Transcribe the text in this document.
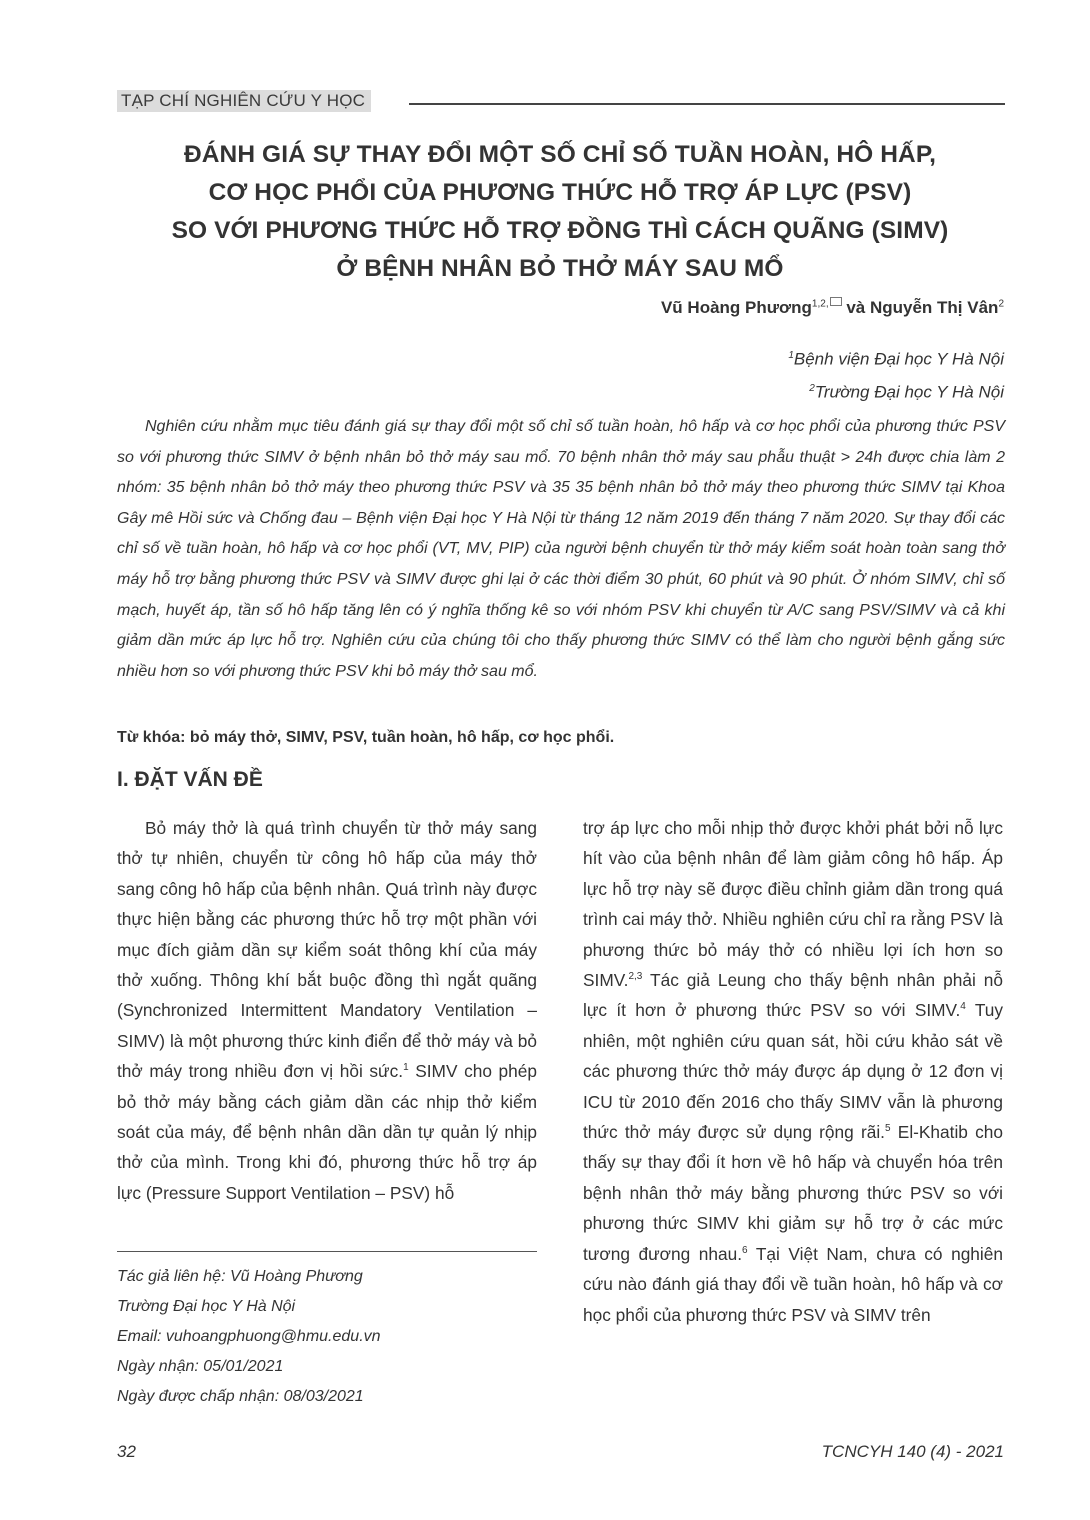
TẠP CHÍ NGHIÊN CỨU Y HỌC
ĐÁNH GIÁ SỰ THAY ĐỔI MỘT SỐ CHỈ SỐ TUẦN HOÀN, HÔ HẤP,
CƠ HỌC PHỔI CỦA PHƯƠNG THỨC HỖ TRỢ ÁP LỰC (PSV)
SO VỚI PHƯƠNG THỨC HỖ TRỢ ĐỒNG THÌ CÁCH QUÃNG (SIMV)
Ở BỆNH NHÂN BỎ THỞ MÁY SAU MỔ
Vũ Hoàng Phương$^{1,2,}$ và Nguyễn Thị Vân$^2$
$^1$Bệnh viện Đại học Y Hà Nội
$^2$Trường Đại học Y Hà Nội

Nghiên cứu nhằm mục tiêu đánh giá sự thay đổi một số chỉ số tuần hoàn, hô hấp và cơ học phổi của phương thức PSV so với phương thức SIMV ở bệnh nhân bỏ thở máy sau mổ. 70 bệnh nhân thở máy sau phẫu thuật > 24h được chia làm 2 nhóm: 35 bệnh nhân bỏ thở máy theo phương thức PSV và 35 35 bệnh nhân bỏ thở máy theo phương thức SIMV tại Khoa Gây mê Hồi sức và Chống đau – Bệnh viện Đại học Y Hà Nội từ tháng 12 năm 2019 đến tháng 7 năm 2020. Sự thay đổi các chỉ số về tuần hoàn, hô hấp và cơ học phổi (VT, MV, PIP) của người bệnh chuyển từ thở máy kiểm soát hoàn toàn sang thở máy hỗ trợ bằng phương thức PSV và SIMV được ghi lại ở các thời điểm 30 phút, 60 phút và 90 phút. Ở nhóm SIMV, chỉ số mạch, huyết áp, tần số hô hấp tăng lên có ý nghĩa thống kê so với nhóm PSV khi chuyển từ A/C sang PSV/SIMV và cả khi giảm dần mức áp lực hỗ trợ. Nghiên cứu của chúng tôi cho thấy phương thức SIMV có thể làm cho người bệnh gắng sức nhiều hơn so với phương thức PSV khi bỏ máy thở sau mổ.

Từ khóa: bỏ máy thở, SIMV, PSV, tuần hoàn, hô hấp, cơ học phổi.
I. ĐẶT VẤN ĐỀ

Bỏ máy thở là quá trình chuyển từ thở máy sang thở tự nhiên, chuyển từ công hô hấp của máy thở sang công hô hấp của bệnh nhân. Quá trình này được thực hiện bằng các phương thức hỗ trợ một phần với mục đích giảm dần sự kiểm soát thông khí của máy thở xuống. Thông khí bắt buộc đồng thì ngắt quãng (Synchronized Intermittent Mandatory Ventilation – SIMV) là một phương thức kinh điển để thở máy và bỏ thở máy trong nhiều đơn vị hồi sức.$^1$ SIMV cho phép bỏ thở máy bằng cách giảm dần các nhịp thở kiểm soát của máy, để bệnh nhân dần dần tự quản lý nhịp thở của mình. Trong khi đó, phương thức hỗ trợ áp lực (Pressure Support Ventilation – PSV) hỗ

trợ áp lực cho mỗi nhịp thở được khởi phát bởi nỗ lực hít vào của bệnh nhân để làm giảm công hô hấp. Áp lực hỗ trợ này sẽ được điều chỉnh giảm dần trong quá trình cai máy thở. Nhiều nghiên cứu chỉ ra rằng PSV là phương thức bỏ máy thở có nhiều lợi ích hơn so SIMV.$^{2,3}$ Tác giả Leung cho thấy bệnh nhân phải nỗ lực ít hơn ở phương thức PSV so với SIMV.$^4$ Tuy nhiên, một nghiên cứu quan sát, hồi cứu khảo sát về các phương thức thở máy được áp dụng ở 12 đơn vị ICU từ 2010 đến 2016 cho thấy SIMV vẫn là phương thức thở máy được sử dụng rộng rãi.$^5$ El-Khatib cho thấy sự thay đổi ít hơn về hô hấp và chuyển hóa trên bệnh nhân thở máy bằng phương thức PSV so với phương thức SIMV khi giảm sự hỗ trợ ở các mức tương đương nhau.$^6$ Tại Việt Nam, chưa có nghiên cứu nào đánh giá thay đổi về tuần hoàn, hô hấp và cơ học phổi của phương thức PSV và SIMV trên

Tác giả liên hệ: Vũ Hoàng Phương
Trường Đại học Y Hà Nội
Email: vuhoangphuong@hmu.edu.vn
Ngày nhận: 05/01/2021
Ngày được chấp nhận: 08/03/2021
32	TCNCYH 140 (4) - 2021
